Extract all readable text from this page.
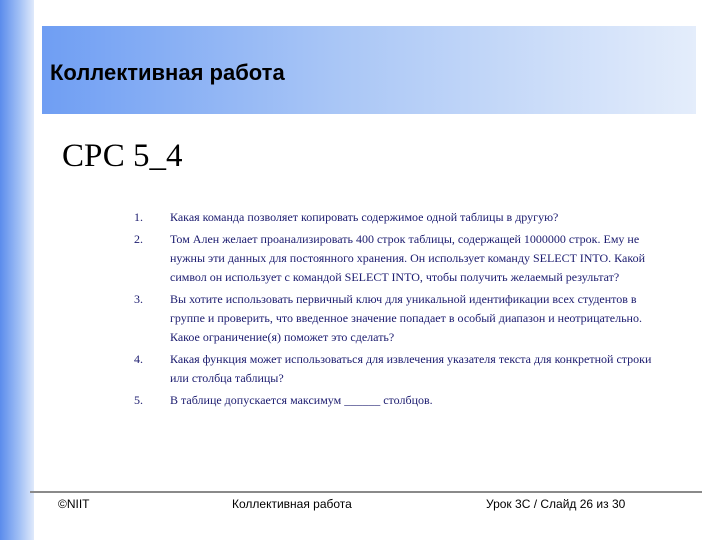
Коллективная работа
СРС 5_4
1.	Какая команда позволяет копировать содержимое одной таблицы в другую?
2.	Том Ален желает проанализировать 400 строк таблицы, содержащей 1000000 строк. Ему не нужны эти данных для постоянного хранения. Он использует команду SELECT INTO. Какой символ он использует с командой SELECT INTO, чтобы получить желаемый результат?
3.	Вы хотите использовать первичный ключ для уникальной идентификации всех студентов в группе и проверить, что введенное значение попадает в особый диапазон и неотрицательно. Какое ограничение(я) поможет это сделать?
4.	Какая функция может использоваться для извлечения указателя текста для конкретной строки или столбца таблицы?
5.	В таблице допускается максимум ______ столбцов.
©NIIT	Коллективная работа	Урок 3С / Слайд 26 из 30
